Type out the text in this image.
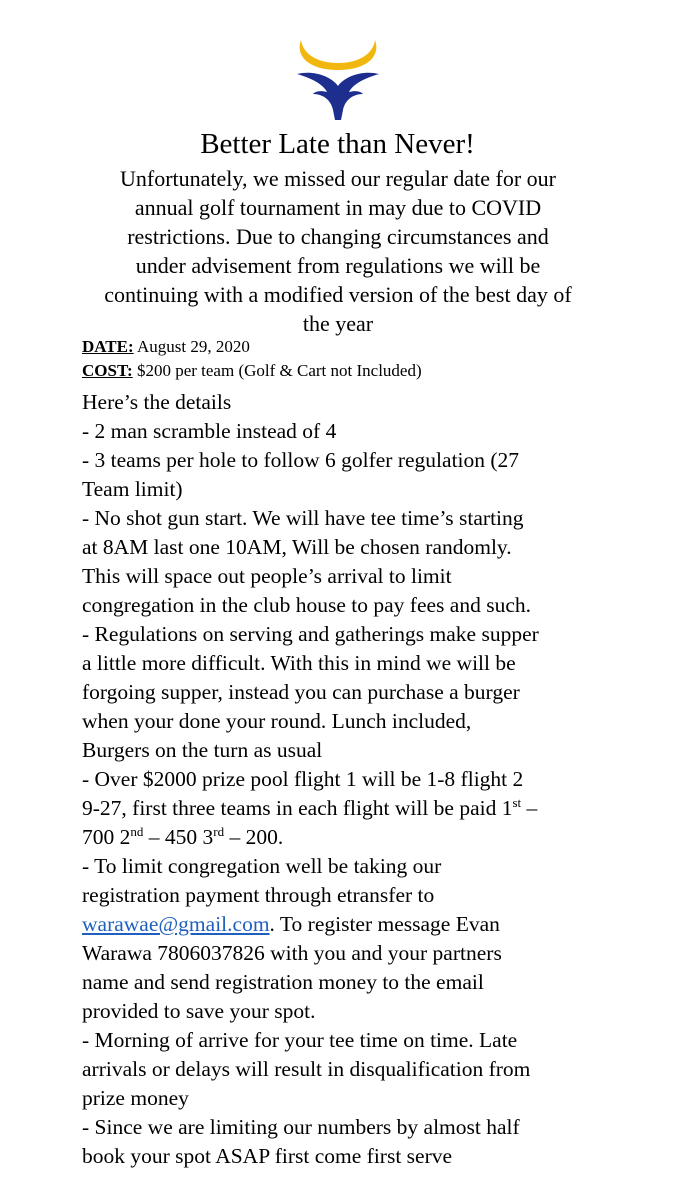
Better Late than Never!
Unfortunately, we missed our regular date for our
annual golf tournament in may due to COVID
restrictions. Due to changing circumstances and
under advisement from regulations we will be
continuing with a modified version of the best day of
the year
DATE: August 29, 2020
COST: $200 per team (Golf & Cart not Included)
Here’s the details
- 2 man scramble instead of 4
- 3 teams per hole to follow 6 golfer regulation (27
Team limit)
- No shot gun start. We will have tee time’s starting
at 8AM last one 10AM, Will be chosen randomly.
This will space out people’s arrival to limit
congregation in the club house to pay fees and such.
- Regulations on serving and gatherings make supper
a little more difficult. With this in mind we will be
forgoing supper, instead you can purchase a burger
when your done your round. Lunch included,
Burgers on the turn as usual
- Over $2000 prize pool flight 1 will be 1-8 flight 2
9-27, first three teams in each flight will be paid 1st –
700 2nd – 450 3rd – 200.
- To limit congregation well be taking our
registration payment through etransfer to
warawae@gmail.com. To register message Evan
Warawa 7806037826 with you and your partners
name and send registration money to the email
provided to save your spot.
- Morning of arrive for your tee time on time. Late
arrivals or delays will result in disqualification from
prize money
- Since we are limiting our numbers by almost half
book your spot ASAP first come first serve
